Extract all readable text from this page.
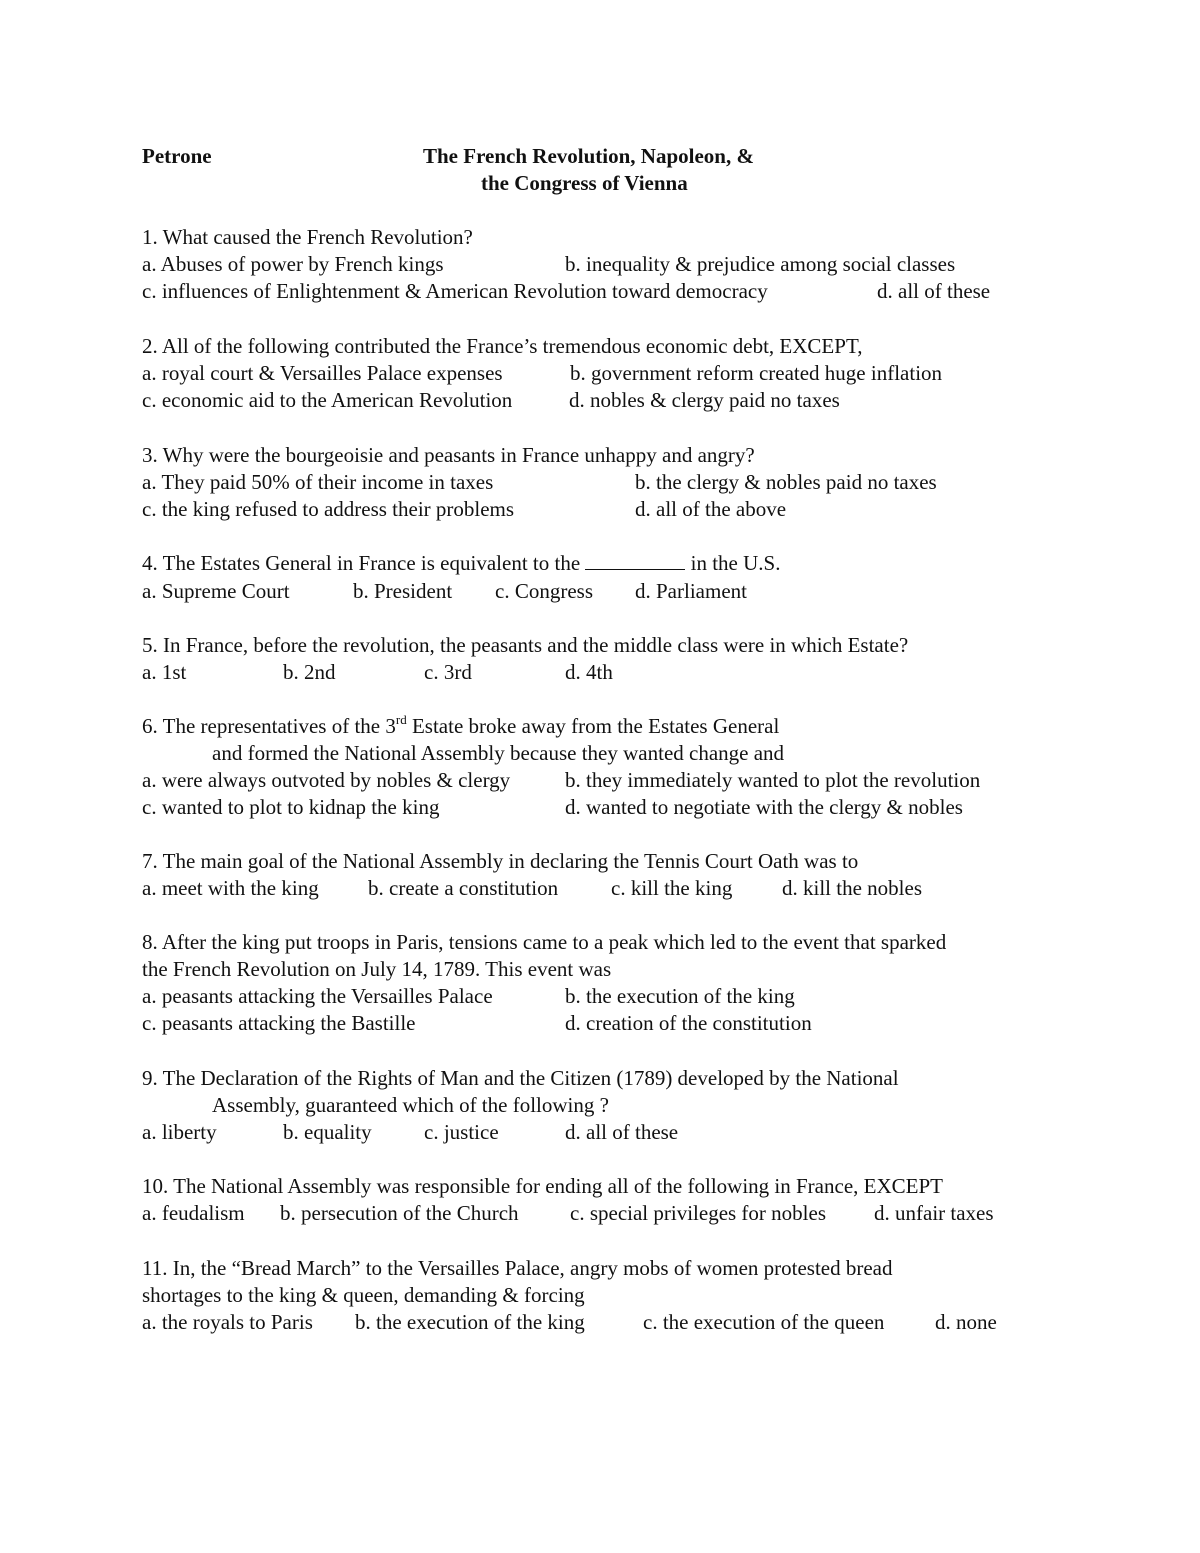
Petrone	The French Revolution, Napoleon, &
the Congress of Vienna
1. What caused the French Revolution?
a. Abuses of power by French kings	b. inequality & prejudice among social classes
c. influences of Enlightenment & American Revolution toward democracy	d. all of these
2. All of the following contributed the France’s tremendous economic debt, EXCEPT,
a. royal court & Versailles Palace expenses	b. government reform created huge inflation
c. economic aid to the American Revolution	d. nobles & clergy paid no taxes
3. Why were the bourgeoisie and peasants in France unhappy and angry?
a. They paid 50% of their income in taxes	b. the clergy & nobles paid no taxes
c. the king refused to address their problems	d. all of the above
4. The Estates General in France is equivalent to the	in the U.S.
a. Supreme Court	b. President c. Congress d. Parliament
5. In France, before the revolution, the peasants and the middle class were in which Estate?
a. 1st	b. 2nd	c. 3rd	d. 4th
6. The representatives of the 3rd Estate broke away from the Estates General
and formed the National Assembly because they wanted change and
a. were always outvoted by nobles & clergy	b. they immediately wanted to plot the revolution
c. wanted to plot to kidnap the king	d. wanted to negotiate with the clergy & nobles
7. The main goal of the National Assembly in declaring the Tennis Court Oath was to
a. meet with the king b. create a constitution	c. kill the king d. kill the nobles
8. After the king put troops in Paris, tensions came to a peak which led to the event that sparked
the French Revolution on July 14, 1789. This event was
a. peasants attacking the Versailles Palace	b. the execution of the king
c. peasants attacking the Bastille	d. creation of the constitution
9. The Declaration of the Rights of Man and the Citizen (1789) developed by the National
Assembly, guaranteed which of the following ?
a. liberty	b. equality c. justice	d. all of these
10. The National Assembly was responsible for ending all of the following in France, EXCEPT
a. feudalism b. persecution of the Church c. special privileges for nobles d. unfair taxes
11. In, the “Bread March” to the Versailles Palace, angry mobs of women protested bread
shortages to the king & queen, demanding & forcing
a. the royals to Paris b. the execution of the king	c. the execution of the queen d. none
